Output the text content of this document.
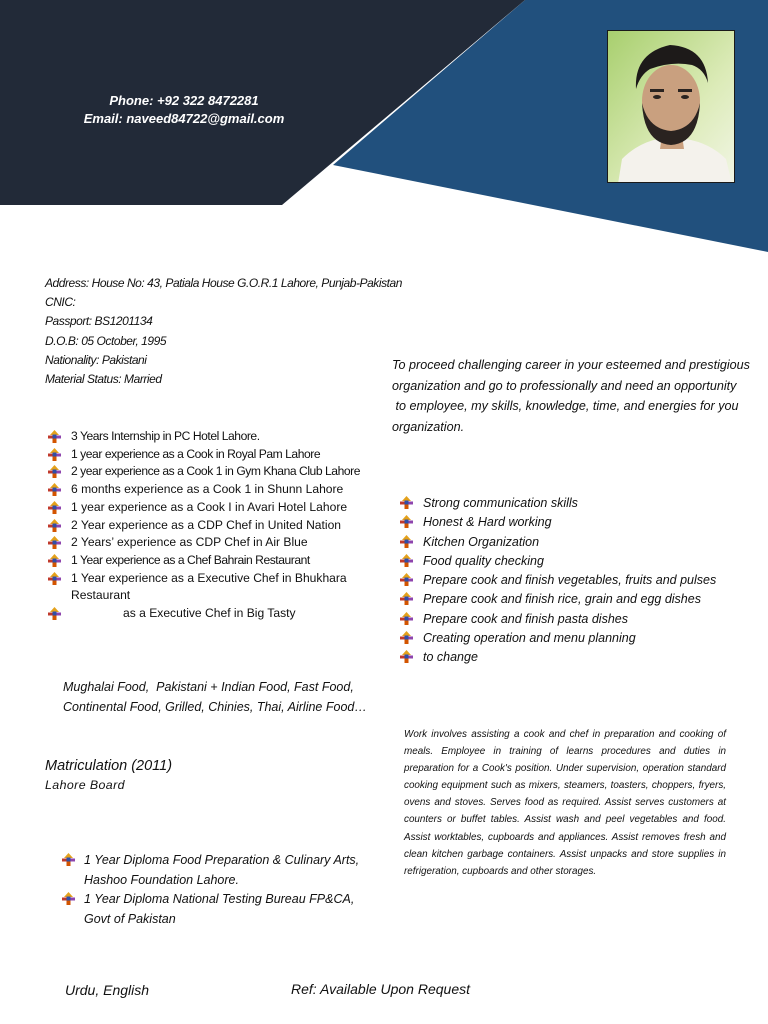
Phone: +92 322 8472281
Email: naveed84722@gmail.com
Address: House No: 43, Patiala House G.O.R.1 Lahore, Punjab-Pakistan
CNIC:
Passport: BS1201134
D.O.B: 05 October, 1995
Nationality: Pakistani
Material Status: Married
To proceed challenging career in your esteemed and prestigious
organization and go to professionally and need an opportunity
to employee, my skills, knowledge, time, and energies for you
organization.
3 Years Internship in PC Hotel Lahore.
1 year experience as a Cook in Royal Pam Lahore
2 year experience as a Cook 1 in Gym Khana Club Lahore
6 months experience as a Cook 1 in Shunn Lahore
1 year experience as a Cook I in Avari Hotel Lahore
2 Year experience as a CDP Chef in United Nation
2 Years’ experience as CDP Chef in Air Blue
1 Year experience as a Chef Bahrain Restaurant
1 Year experience as a Executive Chef in Bhukhara Restaurant
as a Executive Chef in Big Tasty
Strong communication skills
Honest & Hard working
Kitchen Organization
Food quality checking
Prepare cook and finish vegetables, fruits and pulses
Prepare cook and finish rice, grain and egg dishes
Prepare cook and finish pasta dishes
Creating operation and menu planning
to change
Mughalai Food,  Pakistani + Indian Food, Fast Food,
Continental Food, Grilled, Chinies, Thai, Airline Food…
Work involves assisting a cook and chef in preparation and cooking of meals. Employee in training of learns procedures and duties in preparation for a Cook's position. Under supervision, operation standard cooking equipment such as mixers, steamers, toasters, choppers, fryers, ovens and stoves. Serves food as required. Assist serves customers at counters or buffet tables. Assist wash and peel vegetables and food. Assist worktables, cupboards and appliances. Assist removes fresh and clean kitchen garbage containers. Assist unpacks and store supplies in refrigeration, cupboards and other storages.
Matriculation (2011)
Lahore Board
1 Year Diploma Food Preparation & Culinary Arts, Hashoo Foundation Lahore.
1 Year Diploma National Testing Bureau FP&CA, Govt of Pakistan
Urdu, English	Ref: Available Upon Request
